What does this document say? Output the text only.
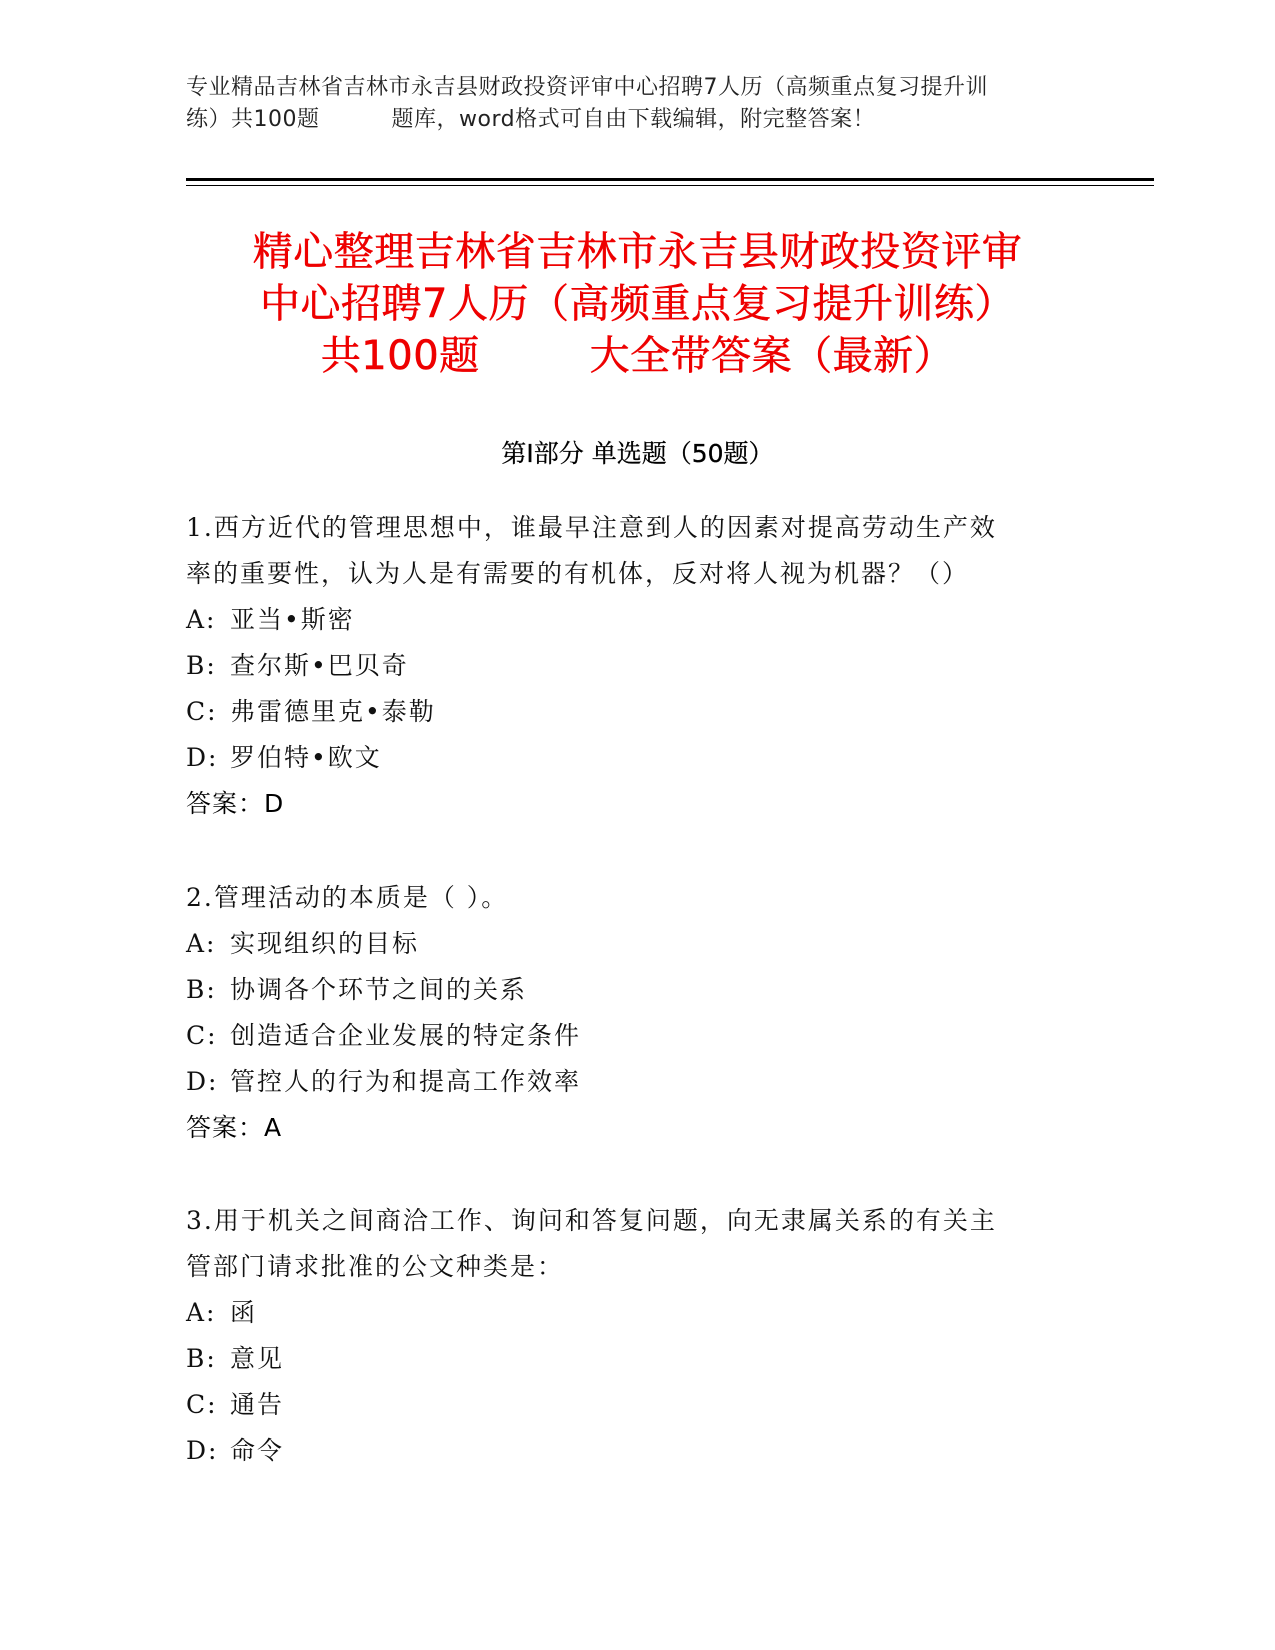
专业精品吉林省吉林市永吉县财政投资评审中心招聘7人历（高频重点复习提升训
练）共100题	题库，word格式可自由下载编辑，附完整答案！
精心整理吉林省吉林市永吉县财政投资评审
中心招聘7人历（高频重点复习提升训练）
共100题	大全带答案（最新）
第Ⅰ部分 单选题（50题）
1.西方近代的管理思想中，谁最早注意到人的因素对提高劳动生产效
率的重要性，认为人是有需要的有机体，反对将人视为机器？（）
A: 亚当•斯密
B: 查尔斯•巴贝奇
C: 弗雷德里克•泰勒
D: 罗伯特•欧文
答案：D
2.管理活动的本质是（ ）。
A: 实现组织的目标
B: 协调各个环节之间的关系
C: 创造适合企业发展的特定条件
D: 管控人的行为和提高工作效率
答案：A
3.用于机关之间商洽工作、询问和答复问题，向无隶属关系的有关主
管部门请求批准的公文种类是：
A: 函
B: 意见
C: 通告
D: 命令
